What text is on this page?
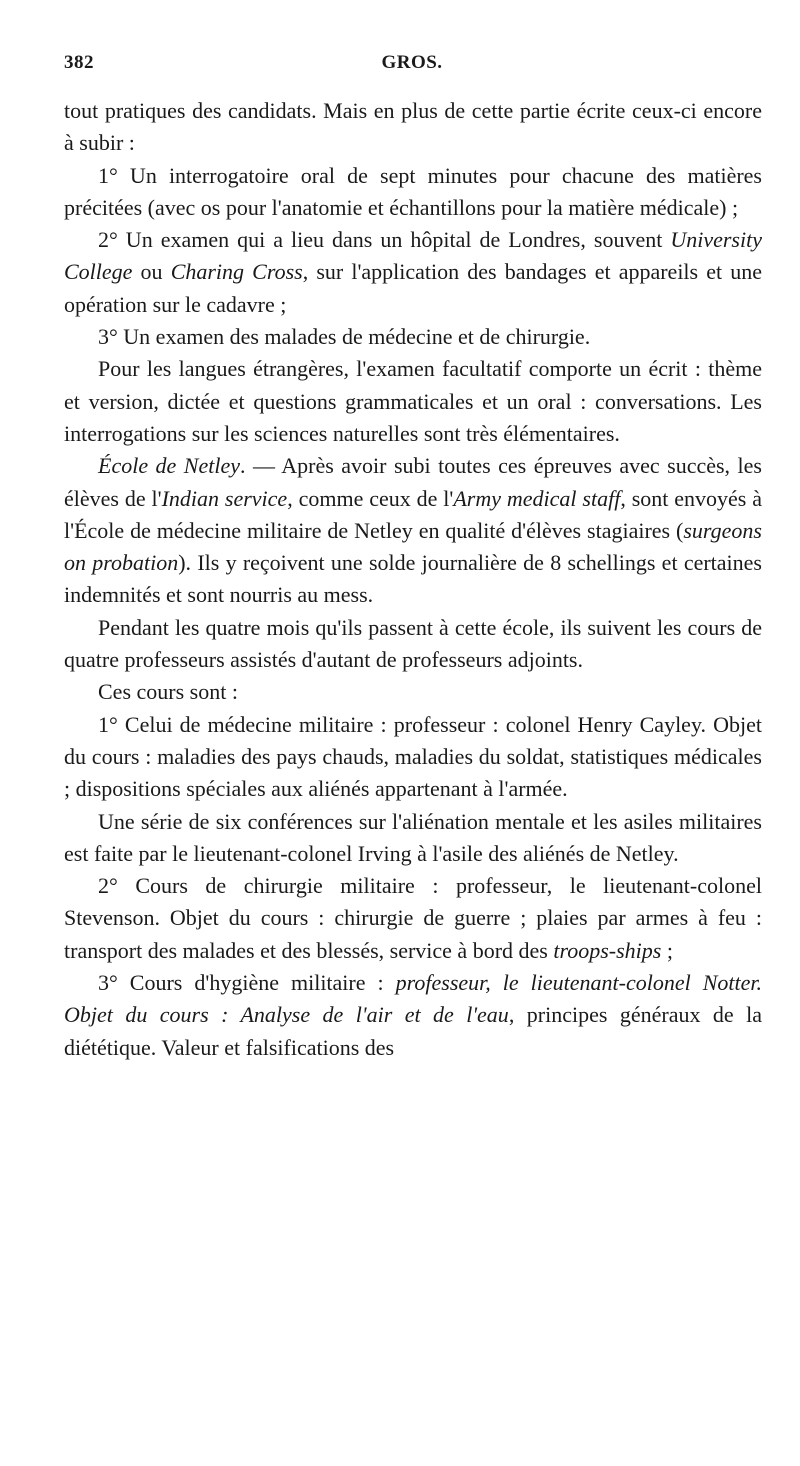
382	GROS.

tout pratiques des candidats. Mais en plus de cette partie écrite ceux-ci encore à subir :

1° Un interrogatoire oral de sept minutes pour chacune des matières précitées (avec os pour l'anatomie et échantillons pour la matière médicale) ;

2° Un examen qui a lieu dans un hôpital de Londres, souvent University College ou Charing Cross, sur l'application des bandages et appareils et une opération sur le cadavre ;

3° Un examen des malades de médecine et de chirurgie.

Pour les langues étrangères, l'examen facultatif comporte un écrit : thème et version, dictée et questions grammaticales et un oral : conversations. Les interrogations sur les sciences naturelles sont très élémentaires.

École de Netley. — Après avoir subi toutes ces épreuves avec succès, les élèves de l'Indian service, comme ceux de l'Army medical staff, sont envoyés à l'École de médecine militaire de Netley en qualité d'élèves stagiaires (surgeons on probation). Ils y reçoivent une solde journalière de 8 schellings et certaines indemnités et sont nourris au mess.

Pendant les quatre mois qu'ils passent à cette école, ils suivent les cours de quatre professeurs assistés d'autant de professeurs adjoints.

Ces cours sont :

1° Celui de médecine militaire : professeur : colonel Henry Cayley. Objet du cours : maladies des pays chauds, maladies du soldat, statistiques médicales ; dispositions spéciales aux aliénés appartenant à l'armée.

Une série de six conférences sur l'aliénation mentale et les asiles militaires est faite par le lieutenant-colonel Irving à l'asile des aliénés de Netley.

2° Cours de chirurgie militaire : professeur, le lieutenant-colonel Stevenson. Objet du cours : chirurgie de guerre ; plaies par armes à feu : transport des malades et des blessés, service à bord des troops-ships ;

3° Cours d'hygiène militaire : professeur, le lieutenant-colonel Notter. Objet du cours : Analyse de l'air et de l'eau, principes généraux de la diététique. Valeur et falsifications des
